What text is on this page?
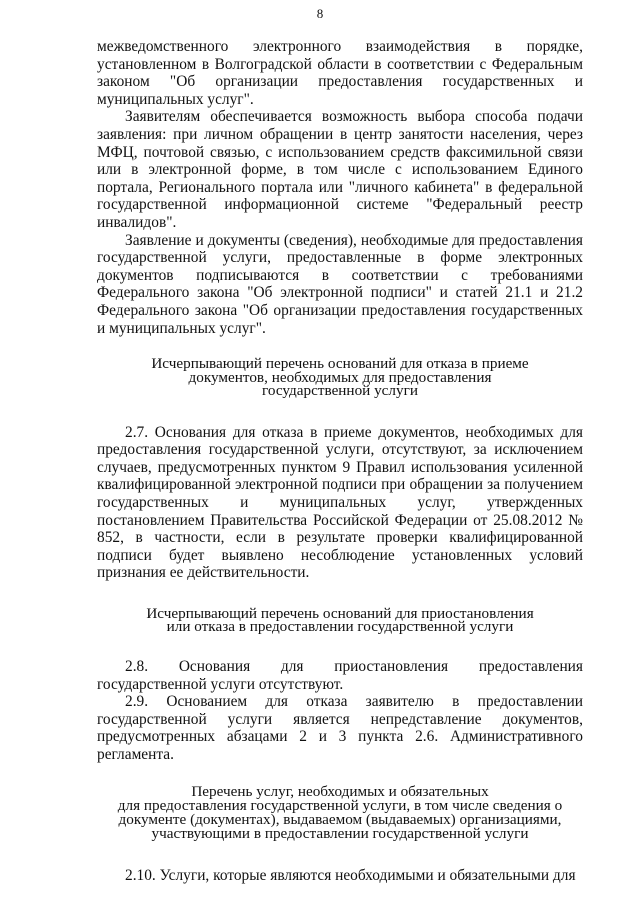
8

межведомственного электронного взаимодействия в порядке, установленном в Волгоградской области в соответствии с Федеральным законом "Об организации предоставления государственных и муниципальных услуг".

Заявителям обеспечивается возможность выбора способа подачи заявления: при личном обращении в центр занятости населения, через МФЦ, почтовой связью, с использованием средств факсимильной связи или в электронной форме, в том числе с использованием Единого портала, Регионального портала или "личного кабинета" в федеральной государственной информационной системе "Федеральный реестр инвалидов".

Заявление и документы (сведения), необходимые для предоставления государственной услуги, предоставленные в форме электронных документов подписываются в соответствии с требованиями Федерального закона "Об электронной подписи" и статей 21.1 и 21.2 Федерального закона "Об организации предоставления государственных и муниципальных услуг".

Исчерпывающий перечень оснований для отказа в приеме
документов, необходимых для предоставления
государственной услуги

2.7. Основания для отказа в приеме документов, необходимых для предоставления государственной услуги, отсутствуют, за исключением случаев, предусмотренных пунктом 9 Правил использования усиленной квалифицированной электронной подписи при обращении за получением государственных и муниципальных услуг, утвержденных постановлением Правительства Российской Федерации от 25.08.2012 № 852, в частности, если в результате проверки квалифицированной подписи будет выявлено несоблюдение установленных условий признания ее действительности.

Исчерпывающий перечень оснований для приостановления
или отказа в предоставлении государственной услуги

2.8. Основания для приостановления предоставления государственной услуги отсутствуют.

2.9. Основанием для отказа заявителю в предоставлении государственной услуги является непредставление документов, предусмотренных абзацами 2 и 3 пункта 2.6. Административного регламента.

Перечень услуг, необходимых и обязательных
для предоставления государственной услуги, в том числе сведения о
документе (документах), выдаваемом (выдаваемых) организациями,
участвующими в предоставлении государственной услуги

2.10. Услуги, которые являются необходимыми и обязательными для
